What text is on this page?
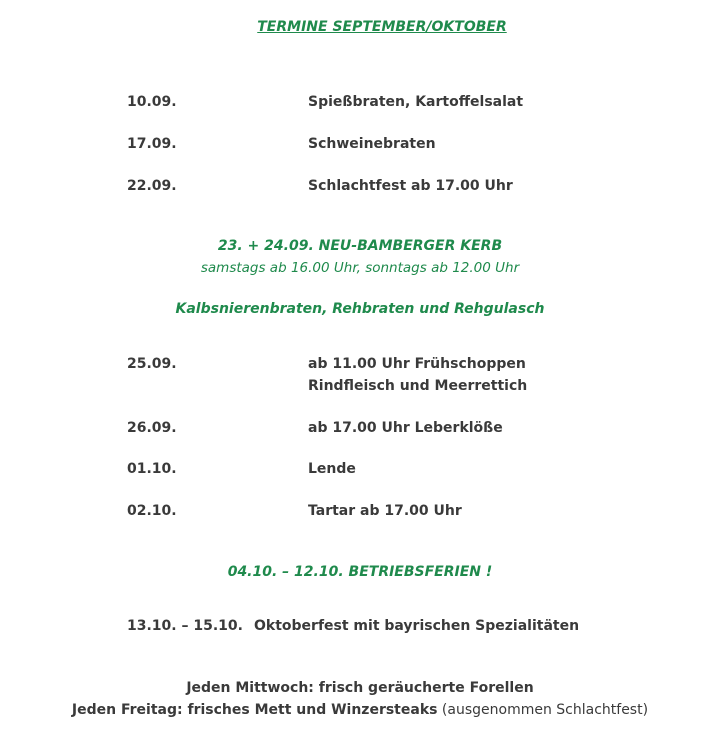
TERMINE SEPTEMBER/OKTOBER
10.09.	Spießbraten, Kartoffelsalat
17.09.	Schweinebraten
22.09.	Schlachtfest ab 17.00 Uhr
23. + 24.09. NEU-BAMBERGER KERB
samstags ab 16.00 Uhr, sonntags ab 12.00 Uhr
Kalbsnierenbraten, Rehbraten und Rehgulasch
25.09.	ab 11.00 Uhr Frühschoppen
Rindfleisch und Meerrettich
26.09.	ab 17.00 Uhr Leberklöße
01.10.	Lende
02.10.	Tartar ab 17.00 Uhr
04.10. – 12.10. BETRIEBSFERIEN !
13.10. – 15.10. Oktoberfest mit bayrischen Spezialitäten
Jeden Mittwoch: frisch geräucherte Forellen
Jeden Freitag: frisches Mett und Winzersteaks (ausgenommen Schlachtfest)
